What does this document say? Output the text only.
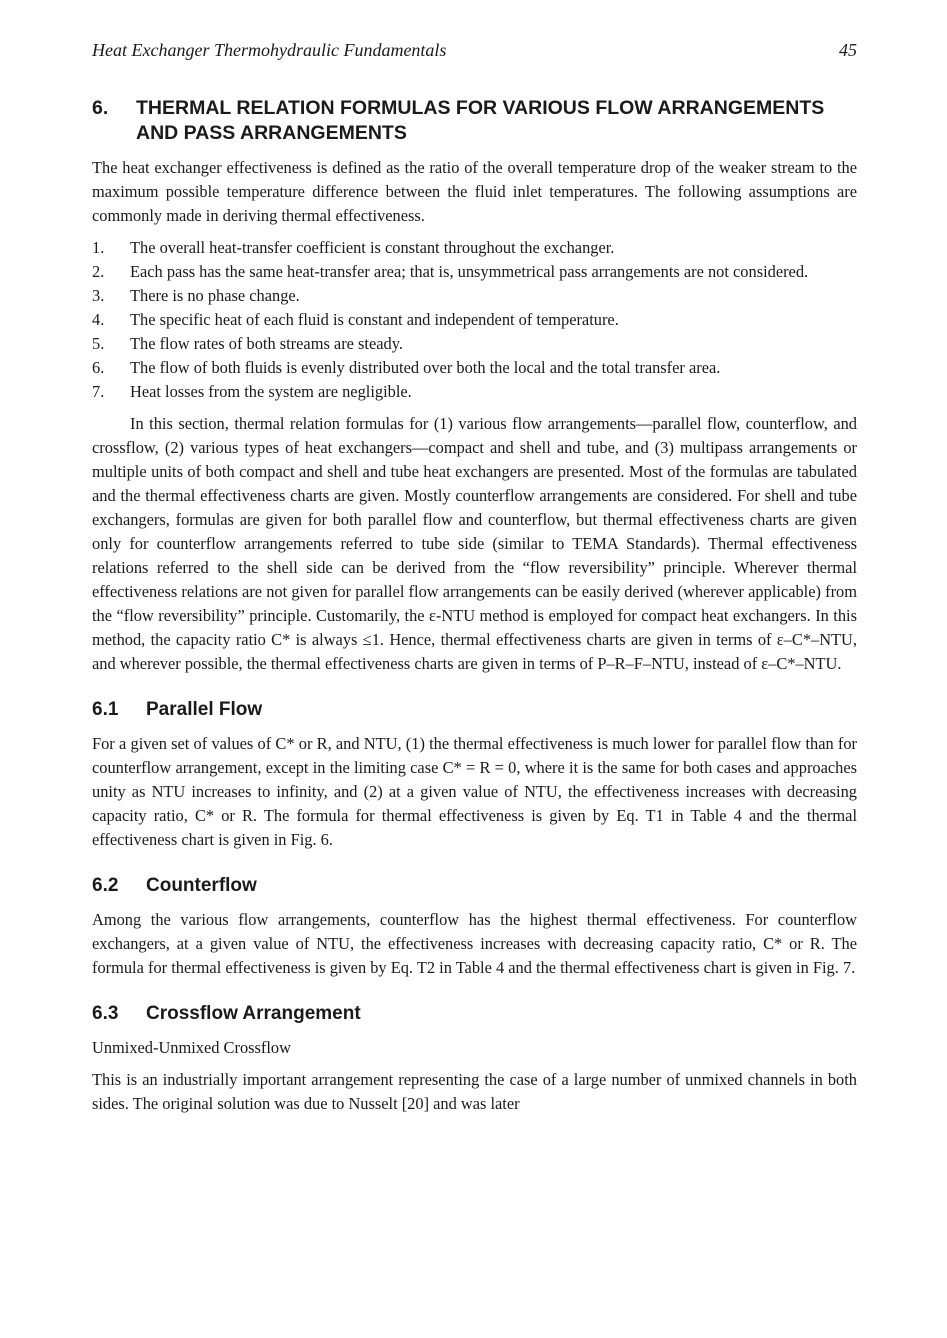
Heat Exchanger Thermohydraulic Fundamentals	45
6.	THERMAL RELATION FORMULAS FOR VARIOUS FLOW ARRANGEMENTS AND PASS ARRANGEMENTS

The heat exchanger effectiveness is defined as the ratio of the overall temperature drop of the weaker stream to the maximum possible temperature difference between the fluid inlet temperatures. The following assumptions are commonly made in deriving thermal effectiveness.

1.	The overall heat-transfer coefficient is constant throughout the exchanger.
2.	Each pass has the same heat-transfer area; that is, unsymmetrical pass arrangements are not considered.
3.	There is no phase change.
4.	The specific heat of each fluid is constant and independent of temperature.
5.	The flow rates of both streams are steady.
6.	The flow of both fluids is evenly distributed over both the local and the total transfer area.
7.	Heat losses from the system are negligible.

In this section, thermal relation formulas for (1) various flow arrangements—parallel flow, counterflow, and crossflow, (2) various types of heat exchangers—compact and shell and tube, and (3) multipass arrangements or multiple units of both compact and shell and tube heat exchangers are presented. Most of the formulas are tabulated and the thermal effectiveness charts are given. Mostly counterflow arrangements are considered. For shell and tube exchangers, formulas are given for both parallel flow and counterflow, but thermal effectiveness charts are given only for counterflow arrangements referred to tube side (similar to TEMA Standards). Thermal effectiveness relations referred to the shell side can be derived from the “flow reversibility” principle. Wherever thermal effectiveness relations are not given for parallel flow arrangements can be easily derived (wherever applicable) from the “flow reversibility” principle. Customarily, the ε-NTU method is employed for compact heat exchangers. In this method, the capacity ratio C* is always ≤1. Hence, thermal effectiveness charts are given in terms of ε–C*–NTU, and wherever possible, the thermal effectiveness charts are given in terms of P–R–F–NTU, instead of ε–C*–NTU.

6.1	Parallel Flow

For a given set of values of C* or R, and NTU, (1) the thermal effectiveness is much lower for parallel flow than for counterflow arrangement, except in the limiting case C* = R = 0, where it is the same for both cases and approaches unity as NTU increases to infinity, and (2) at a given value of NTU, the effectiveness increases with decreasing capacity ratio, C* or R. The formula for thermal effectiveness is given by Eq. T1 in Table 4 and the thermal effectiveness chart is given in Fig. 6.

6.2	Counterflow

Among the various flow arrangements, counterflow has the highest thermal effectiveness. For counterflow exchangers, at a given value of NTU, the effectiveness increases with decreasing capacity ratio, C* or R. The formula for thermal effectiveness is given by Eq. T2 in Table 4 and the thermal effectiveness chart is given in Fig. 7.

6.3	Crossflow Arrangement

Unmixed-Unmixed Crossflow

This is an industrially important arrangement representing the case of a large number of unmixed channels in both sides. The original solution was due to Nusselt [20] and was later
